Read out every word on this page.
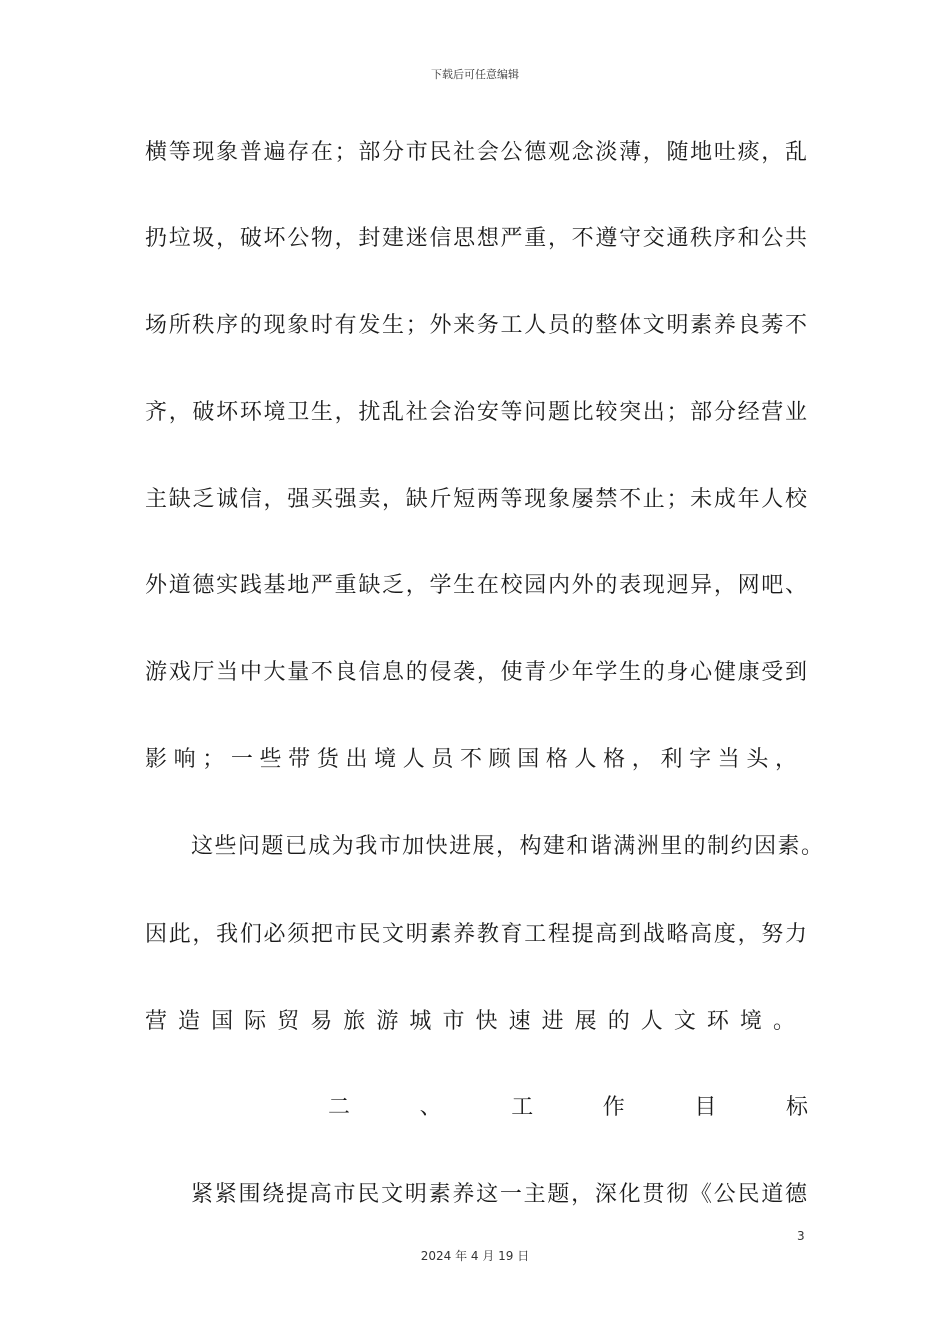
下载后可任意编辑
横等现象普遍存在；部分市民社会公德观念淡薄，随地吐痰，乱
扔垃圾，破坏公物，封建迷信思想严重，不遵守交通秩序和公共
场所秩序的现象时有发生；外来务工人员的整体文明素养良莠不
齐，破坏环境卫生，扰乱社会治安等问题比较突出；部分经营业
主缺乏诚信，强买强卖，缺斤短两等现象屡禁不止；未成年人校
外道德实践基地严重缺乏，学生在校园内外的表现迥异，网吧、
游戏厅当中大量不良信息的侵袭，使青少年学生的身心健康受到
影响；一些带货出境人员不顾国格人格，利字当头，
这些问题已成为我市加快进展，构建和谐满洲里的制约因素。
因此，我们必须把市民文明素养教育工程提高到战略高度，努力
营造国际贸易旅游城市快速进展的人文环境。
二、工作目标
紧紧围绕提高市民文明素养这一主题，深化贯彻《公民道德
3
2024 年 4 月 19 日
